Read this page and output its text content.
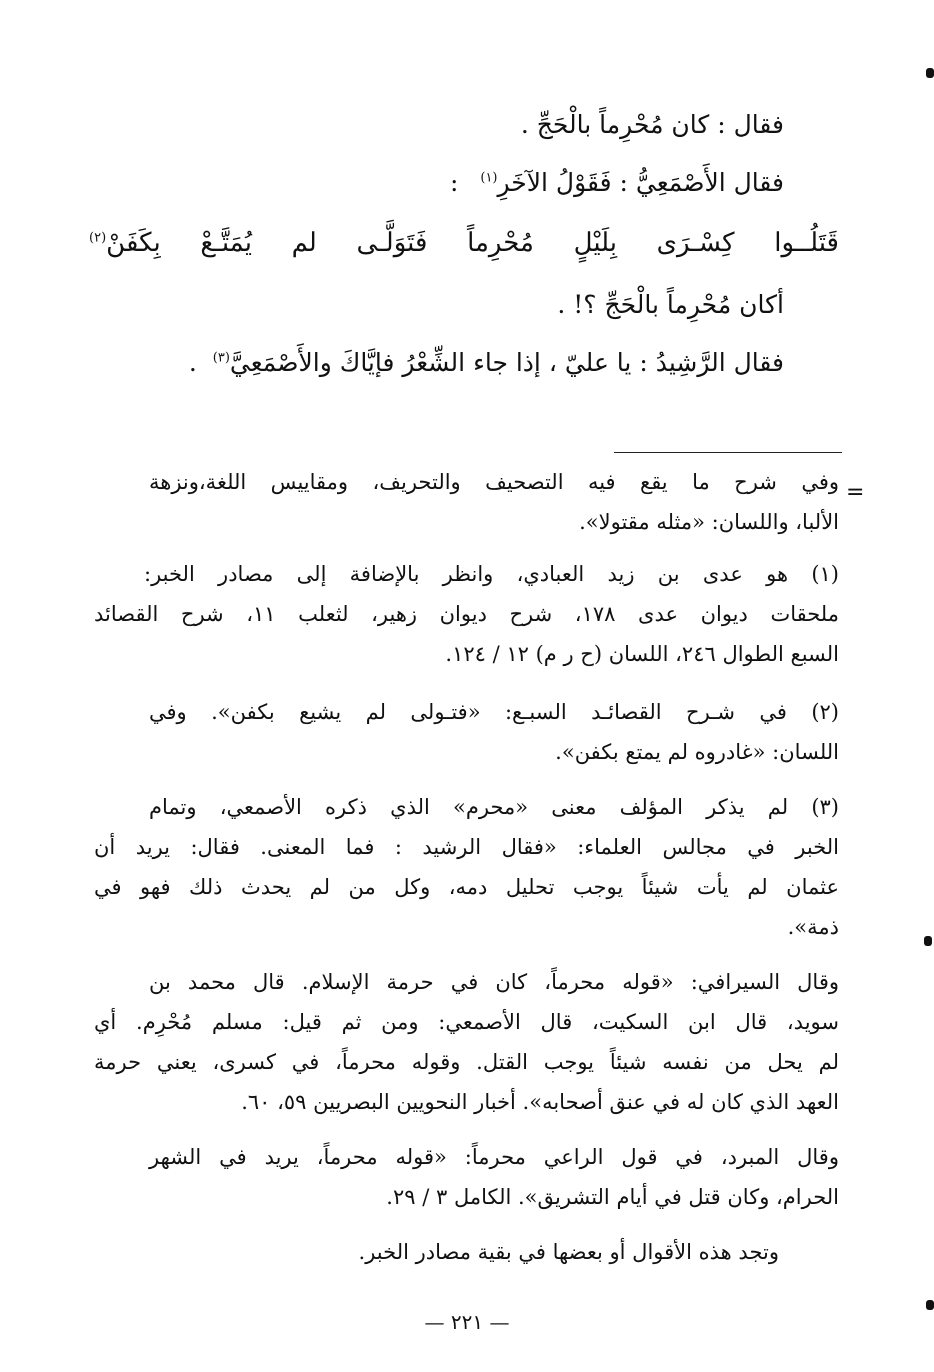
فقال : كان مُحْرِماً بالْحَجِّ .
فقال الأَصْمَعِيُّ : فَقَوْلُ الآخَرِ$^{(١)}$ :
قَتَلُــوا
كِسْـرَى
بِلَيْلٍ
مُحْرِماً
فَتَوَلَّـى
لم
يُمَتَّـعْ
بِكَفَنْ$^{(٢)}$
أكان مُحْرِماً بالْحَجِّ ؟! .
فقال الرَّشِيدُ : يا عليّ ، إذا جاء الشِّعْرُ فإيَّاكَ والأَصْمَعِيَّ$^{(٣)}$ .
=
وفي شرح ما يقع فيه التصحيف والتحريف، ومقاييس اللغة،ونزهة
الألبا، واللسان: «مثله مقتولا».
(١) هو عدى بن زيد العبادي، وانظر بالإضافة إلى مصادر الخبر:
ملحقات ديوان عدى ١٧٨، شرح ديوان زهير، لثعلب ١١، شرح القصائد
السبع الطوال ٢٤٦، اللسان (ح ر م) ١٢ / ١٢٤.
(٢) في شـرح القصائـد السبـع: «فتـولى لم يشيع بكفن». وفي
اللسان: «غادروه لم يمتع بكفن».
(٣) لم يذكر المؤلف معنى «محرم» الذي ذكره الأصمعي، وتمام
الخبر في مجالس العلماء: «فقال الرشيد : فما المعنى. فقال: يريد أن
عثمان لم يأت شيئاً يوجب تحليل دمه، وكل من لم يحدث ذلك فهو في
ذمة».
وقال السيرافي: «قوله محرماً، كان في حرمة الإسلام. قال محمد بن
سويد، قال ابن السكيت، قال الأصمعي: ومن ثم قيل: مسلم مُحْرِم. أي
لم يحل من نفسه شيئاً يوجب القتل. وقوله محرماً، في كسرى، يعني حرمة
العهد الذي كان له في عنق أصحابه». أخبار النحويين البصريين ٥٩، ٦٠.
وقال المبرد، في قول الراعي محرماً: «قوله محرماً، يريد في الشهر
الحرام، وكان قتل في أيام التشريق». الكامل ٣ / ٢٩.
وتجد هذه الأقوال أو بعضها في بقية مصادر الخبر.
— ٢٢١ —
